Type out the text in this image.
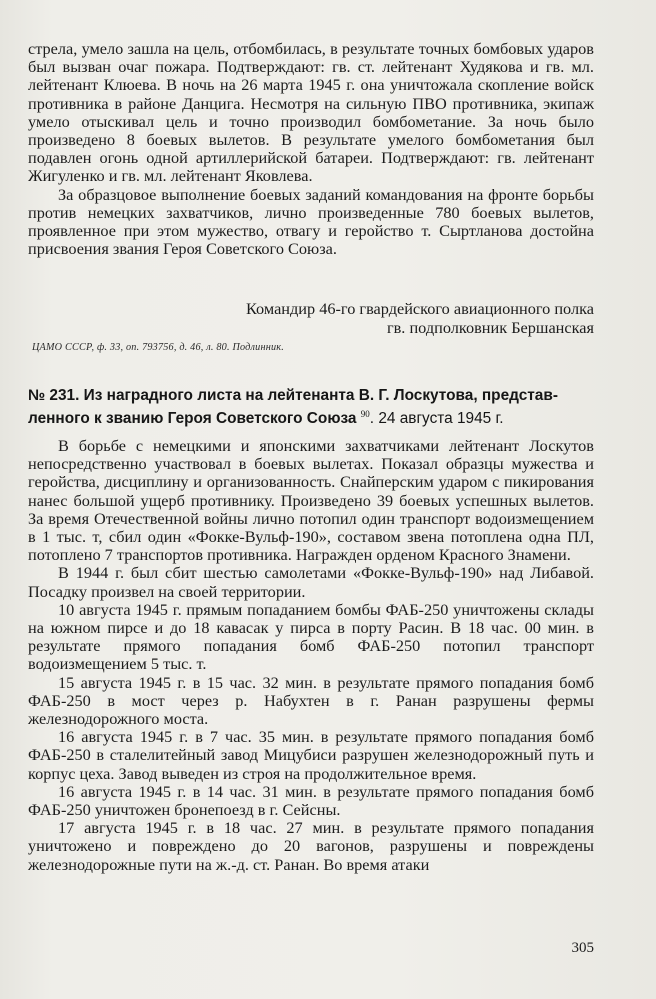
стрела, умело зашла на цель, отбомбилась, в результате точных бомбовых ударов был вызван очаг пожара. Подтверждают: гв. ст. лейтенант Худякова и гв. мл. лейтенант Клюева. В ночь на 26 марта 1945 г. она уничтожала скопление войск противника в районе Данцига. Несмотря на сильную ПВО противника, экипаж умело отыскивал цель и точно производил бомбометание. За ночь было произведено 8 боевых вылетов. В результате умелого бомбометания был подавлен огонь одной артиллерийской батареи. Подтверждают: гв. лейтенант Жигуленко и гв. мл. лейтенант Яковлева.

За образцовое выполнение боевых заданий командования на фронте борьбы против немецких захватчиков, лично произведенные 780 боевых вылетов, проявленное при этом мужество, отвагу и геройство т. Сыртланова достойна присвоения звания Героя Советского Союза.

Командир 46-го гвардейского авиационного полка
гв. подполковник Бершанская
ЦАМО СССР, ф. 33, оп. 793756, д. 46, л. 80. Подлинник.
№ 231. Из наградного листа на лейтенанта В. Г. Лоскутова, представ-
ленного к званию Героя Советского Союза $^{90}$. 24 августа 1945 г.

В борьбе с немецкими и японскими захватчиками лейтенант Лоскутов непосредственно участвовал в боевых вылетах. Показал образцы мужества и геройства, дисциплину и организованность. Снайперским ударом с пикирования нанес большой ущерб противнику. Произведено 39 боевых успешных вылетов. За время Отечественной войны лично потопил один транспорт водоизмещением в 1 тыс. т, сбил один «Фокке-Вульф-190», составом звена потоплена одна ПЛ, потоплено 7 транспортов противника. Награжден орденом Красного Знамени.

В 1944 г. был сбит шестью самолетами «Фокке-Вульф-190» над Либавой. Посадку произвел на своей территории.

10 августа 1945 г. прямым попаданием бомбы ФАБ-250 уничтожены склады на южном пирсе и до 18 кавасак у пирса в порту Расин. В 18 час. 00 мин. в результате прямого попадания бомб ФАБ-250 потопил транспорт водоизмещением 5 тыс. т.

15 августа 1945 г. в 15 час. 32 мин. в результате прямого попадания бомб ФАБ-250 в мост через р. Набухтен в г. Ранан разрушены фермы железнодорожного моста.

16 августа 1945 г. в 7 час. 35 мин. в результате прямого попадания бомб ФАБ-250 в сталелитейный завод Мицубиси разрушен железнодорожный путь и корпус цеха. Завод выведен из строя на продолжительное время.

16 августа 1945 г. в 14 час. 31 мин. в результате прямого попадания бомб ФАБ-250 уничтожен бронепоезд в г. Сейсны.

17 августа 1945 г. в 18 час. 27 мин. в результате прямого попадания уничтожено и повреждено до 20 вагонов, разрушены и повреждены железнодорожные пути на ж.-д. ст. Ранан. Во время атаки

305
